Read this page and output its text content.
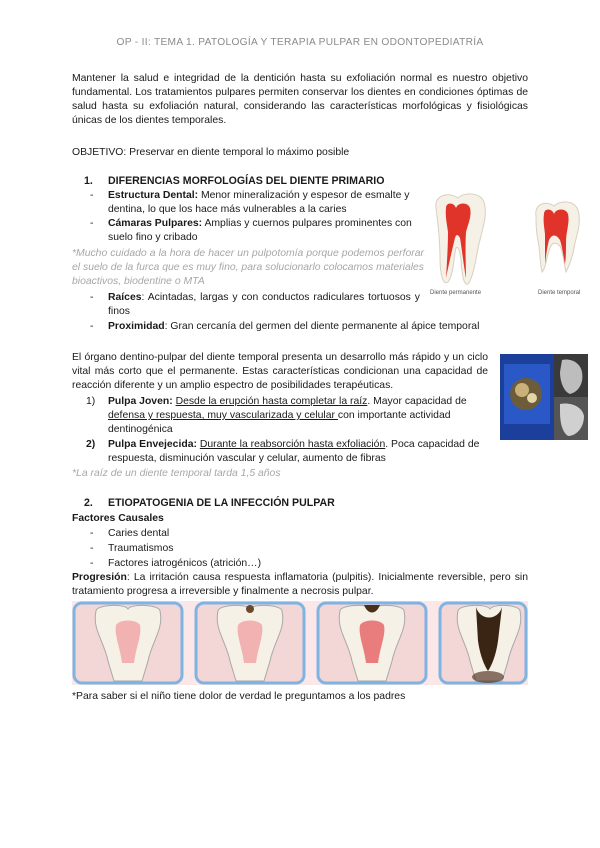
OP - II: TEMA 1. PATOLOGÍA Y TERAPIA PULPAR EN ODONTOPEDIATRÍA

Mantener la salud e integridad de la dentición hasta su exfoliación normal es nuestro objetivo fundamental. Los tratamientos pulpares permiten conservar los dientes en condiciones óptimas de salud hasta su exfoliación natural, considerando las características morfológicas y fisiológicas únicas de los dientes temporales.

OBJETIVO: Preservar en diente temporal lo máximo posible

1. DIFERENCIAS MORFOLOGÍAS DEL DIENTE PRIMARIO
- Estructura Dental: Menor mineralización y espesor de esmalte y dentina, lo que los hace más vulnerables a la caries
- Cámaras Pulpares: Amplias y cuernos pulpares prominentes con suelo fino y cribado

*Mucho cuidado a la hora de hacer un pulpotomía porque podemos perforar el suelo de la furca que es muy fino, para solucionarlo colocamos materiales bioactivos, biodentine o MTA

- Raíces: Acintadas, largas y con conductos radiculares tortuosos y finos
- Proximidad: Gran cercanía del germen del diente permanente al ápice temporal
Diente permanente	Diente temporal

El órgano dentino-pulpar del diente temporal presenta un desarrollo más rápido y un ciclo vital más corto que el permanente. Estas características condicionan una capacidad de reacción diferente y un amplio espectro de posibilidades terapéuticas.

1) Pulpa Joven: Desde la erupción hasta completar la raíz. Mayor capacidad de defensa y respuesta, muy vascularizada y celular con importante actividad dentinogénica
2) Pulpa Envejecida: Durante la reabsorción hasta exfoliación. Poca capacidad de respuesta, disminución vascular y celular, aumento de fibras

*La raíz de un diente temporal tarda 1,5 años

2. ETIOPATOGENIA DE LA INFECCIÓN PULPAR
Factores Causales
- Caries dental
- Traumatismos
- Factores iatrogénicos (atrición…)

Progresión: La irritación causa respuesta inflamatoria (pulpitis). Inicialmente reversible, pero sin tratamiento progresa a irreversible y finalmente a necrosis pulpar.

*Para saber si el niño tiene dolor de verdad le preguntamos a los padres
